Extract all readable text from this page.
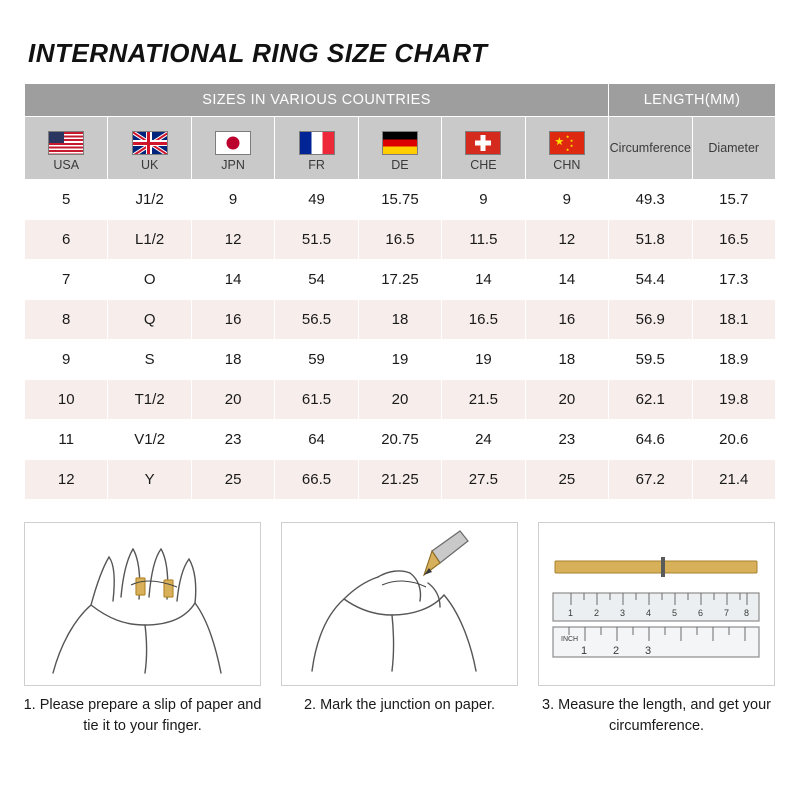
INTERNATIONAL RING SIZE CHART
SIZES IN VARIOUS COUNTRIES							LENGTH(MM)	

USA	UK	JPN	FR	DE	CHE	CHN	Circumference	Diameter
5	J1/2	9	49	15.75	9	9	49.3	15.7
6	L1/2	12	51.5	16.5	11.5	12	51.8	16.5
7	O	14	54	17.25	14	14	54.4	17.3
8	Q	16	56.5	18	16.5	16	56.9	18.1
9	S	18	59	19	19	18	59.5	18.9
10	T1/2	20	61.5	20	21.5	20	62.1	19.8
11	V1/2	23	64	20.75	24	23	64.6	20.6
12	Y	25	66.5	21.25	27.5	25	67.2	21.4
1. Please prepare a slip of paper and tie it to your finger.
2. Mark the junction on paper.
1 2 3 4 5 6 7 8
1 2 3
INCH
3. Measure the length, and get your circumference.
